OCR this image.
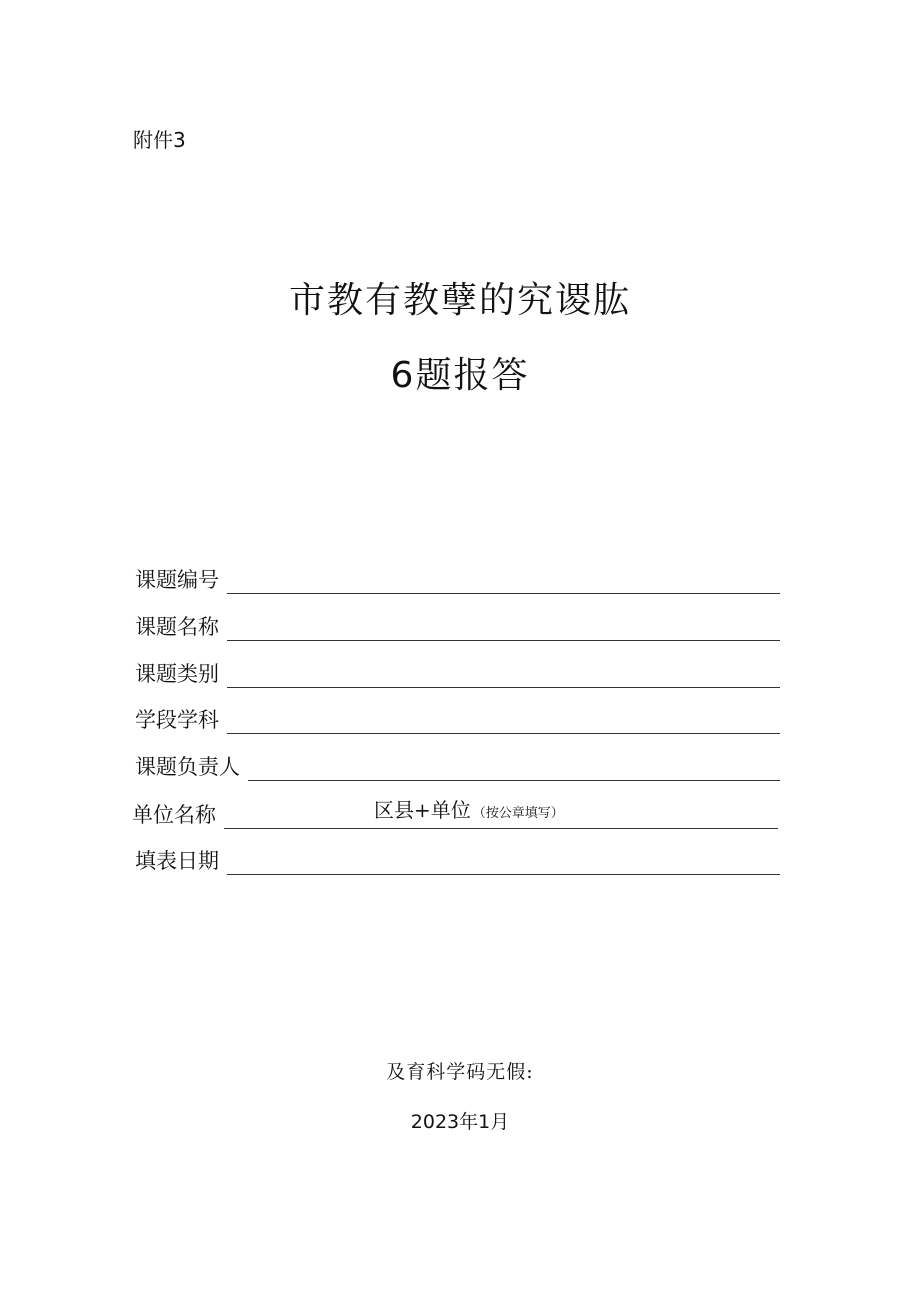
附件3
市教有教孽的究谡肱
6题报答
课题编号
课题名称
课题类别
学段学科
课题负责人
单位名称	区县+单位 （按公章填写）
填表日期
及育科学码无假:
2023年1月
